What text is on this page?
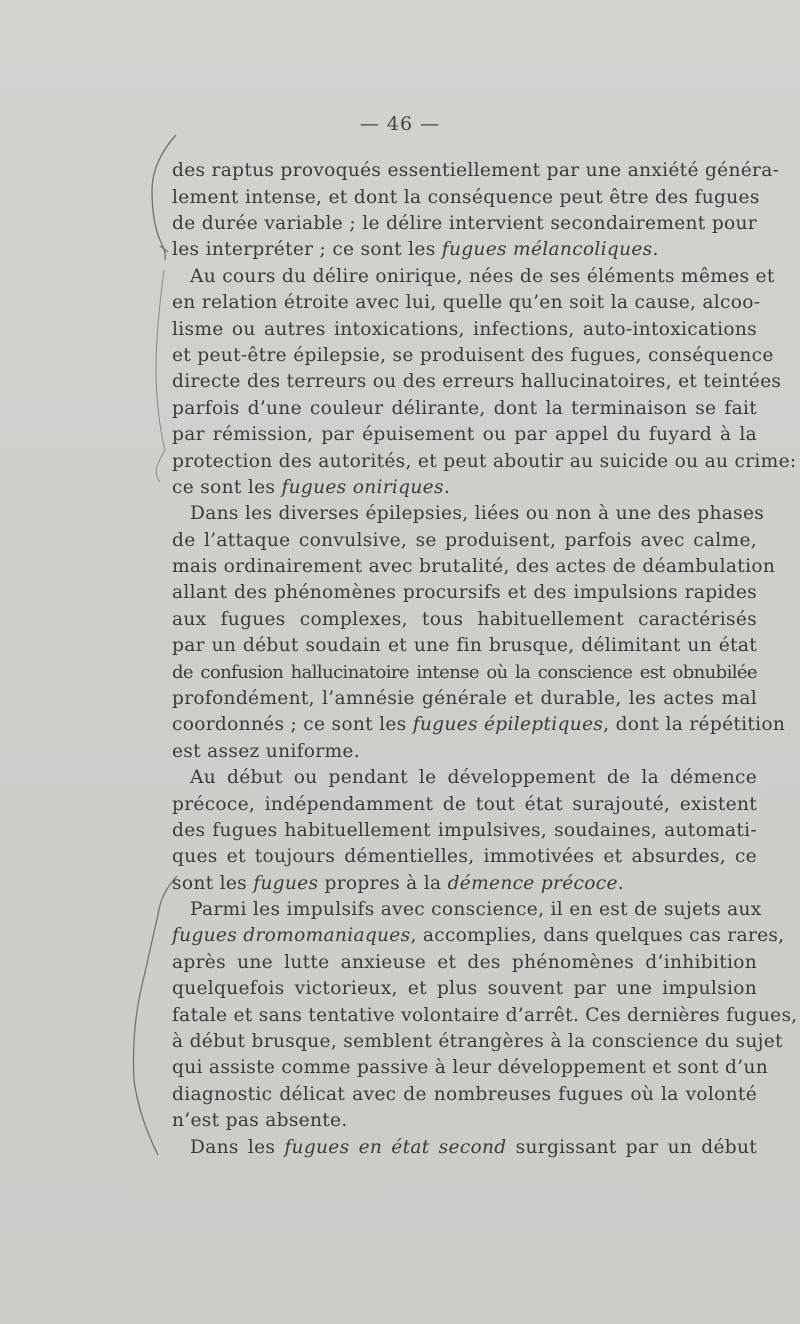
— 46 —
des raptus provoqués essentiellement par une anxiété généra-
lement intense, et dont la conséquence peut être des fugues
de durée variable ; le délire intervient secondairement pour
les interpréter ; ce sont les fugues mélancoliques.
Au cours du délire onirique, nées de ses éléments mêmes et
en relation étroite avec lui, quelle qu’en soit la cause, alcoo-
lisme ou autres intoxications, infections, auto-intoxications
et peut-être épilepsie, se produisent des fugues, conséquence
directe des terreurs ou des erreurs hallucinatoires, et teintées
parfois d’une couleur délirante, dont la terminaison se fait
par rémission, par épuisement ou par appel du fuyard à la
protection des autorités, et peut aboutir au suicide ou au crime:
ce sont les fugues oniriques.
Dans les diverses épilepsies, liées ou non à une des phases
de l’attaque convulsive, se produisent, parfois avec calme,
mais ordinairement avec brutalité, des actes de déambulation
allant des phénomènes procursifs et des impulsions rapides
aux fugues complexes, tous habituellement caractérisés
par un début soudain et une fin brusque, délimitant un état
de confusion hallucinatoire intense où la conscience est obnubilée
profondément, l’amnésie générale et durable, les actes mal
coordonnés ; ce sont les fugues épileptiques, dont la répétition
est assez uniforme.
Au début ou pendant le développement de la démence
précoce, indépendamment de tout état surajouté, existent
des fugues habituellement impulsives, soudaines, automati-
ques et toujours démentielles, immotivées et absurdes, ce
sont les fugues propres à la démence précoce.
Parmi les impulsifs avec conscience, il en est de sujets aux
fugues dromomaniaques, accomplies, dans quelques cas rares,
après une lutte anxieuse et des phénomènes d’inhibition
quelquefois victorieux, et plus souvent par une impulsion
fatale et sans tentative volontaire d’arrêt. Ces dernières fugues,
à début brusque, semblent étrangères à la conscience du sujet
qui assiste comme passive à leur développement et sont d’un
diagnostic délicat avec de nombreuses fugues où la volonté
n’est pas absente.
Dans les fugues en état second surgissant par un début
